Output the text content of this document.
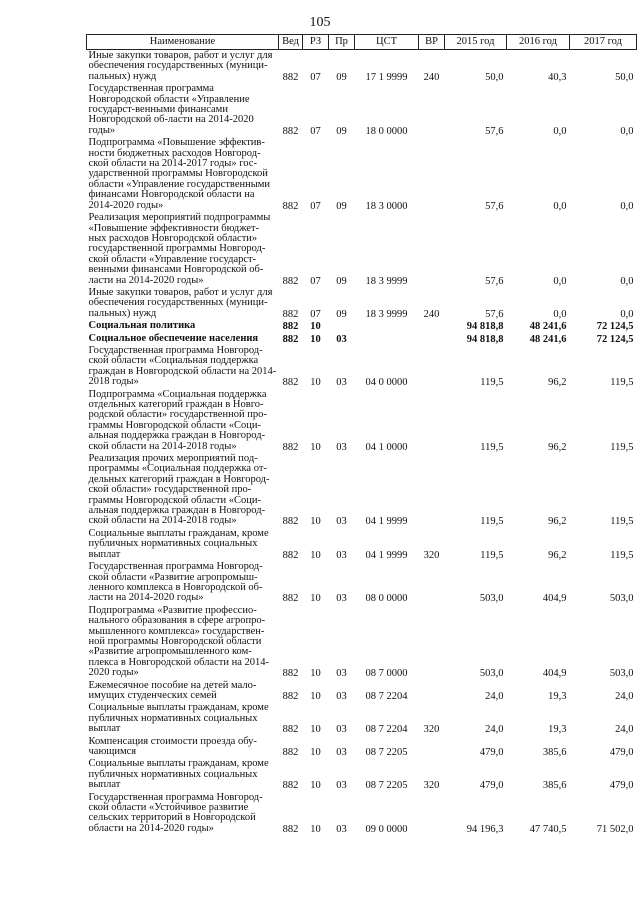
105
Наименование	Вед	РЗ	Пр	ЦСТ	ВР	2015 год	2016 год	2017 год
Иные закупки товаров, работ и услуг для обеспечения государственных (муници-пальных) нужд	882	07	09	17 1 9999	240	50,0	40,3	50,0
Государственная программа Новгородской области «Управление государст-венными финансами Новгородской об-ласти на 2014-2020 годы»	882	07	09	18 0 0000		57,6	0,0	0,0
Подпрограмма «Повышение эффектив-ности бюджетных расходов Новгород-ской области на 2014-2017 годы» гос-ударственной программы Новгородской области «Управление государственными финансами Новгородской области на 2014-2020 годы»	882	07	09	18 3 0000		57,6	0,0	0,0
Реализация мероприятий подпрограммы «Повышение эффективности бюджет-ных расходов Новгородской области» государственной программы Новгород-ской области «Управление государст-венными финансами Новгородской об-ласти на 2014-2020 годы»	882	07	09	18 3 9999		57,6	0,0	0,0
Иные закупки товаров, работ и услуг для обеспечения государственных (муници-пальных) нужд	882	07	09	18 3 9999	240	57,6	0,0	0,0
Социальная политика	882	10				94 818,8	48 241,6	72 124,5
Социальное обеспечение населения	882	10	03			94 818,8	48 241,6	72 124,5
Государственная программа Новгород-ской области «Социальная поддержка граждан в Новгородской области на 2014-2018 годы»	882	10	03	04 0 0000		119,5	96,2	119,5
Подпрограмма «Социальная поддержка отдельных категорий граждан в Новго-родской области» государственной про-граммы Новгородской области «Соци-альная поддержка граждан в Новгород-ской области на 2014-2018 годы»	882	10	03	04 1 0000		119,5	96,2	119,5
Реализация прочих мероприятий под-программы «Социальная поддержка от-дельных категорий граждан в Новгород-ской области» государственной про-граммы Новгородской области «Соци-альная поддержка граждан в Новгород-ской области на 2014-2018 годы»	882	10	03	04 1 9999		119,5	96,2	119,5
Социальные выплаты гражданам, кроме публичных нормативных социальных выплат	882	10	03	04 1 9999	320	119,5	96,2	119,5
Государственная программа Новгород-ской области «Развитие агропромыш-ленного комплекса в Новгородской об-ласти на 2014-2020 годы»	882	10	03	08 0 0000		503,0	404,9	503,0
Подпрограмма «Развитие профессио-нального образования в сфере агропро-мышленного комплекса» государствен-ной программы Новгородской области «Развитие агропромышленного ком-плекса в Новгородской области на 2014-2020 годы»	882	10	03	08 7 0000		503,0	404,9	503,0
Ежемесячное пособие на детей мало-имущих студенческих семей	882	10	03	08 7 2204		24,0	19,3	24,0
Социальные выплаты гражданам, кроме публичных нормативных социальных выплат	882	10	03	08 7 2204	320	24,0	19,3	24,0
Компенсация стоимости проезда обу-чающимся	882	10	03	08 7 2205		479,0	385,6	479,0
Социальные выплаты гражданам, кроме публичных нормативных социальных выплат	882	10	03	08 7 2205	320	479,0	385,6	479,0
Государственная программа Новгород-ской области «Устойчивое развитие сельских территорий в Новгородской области на 2014-2020 годы»	882	10	03	09 0 0000		94 196,3	47 740,5	71 502,0
